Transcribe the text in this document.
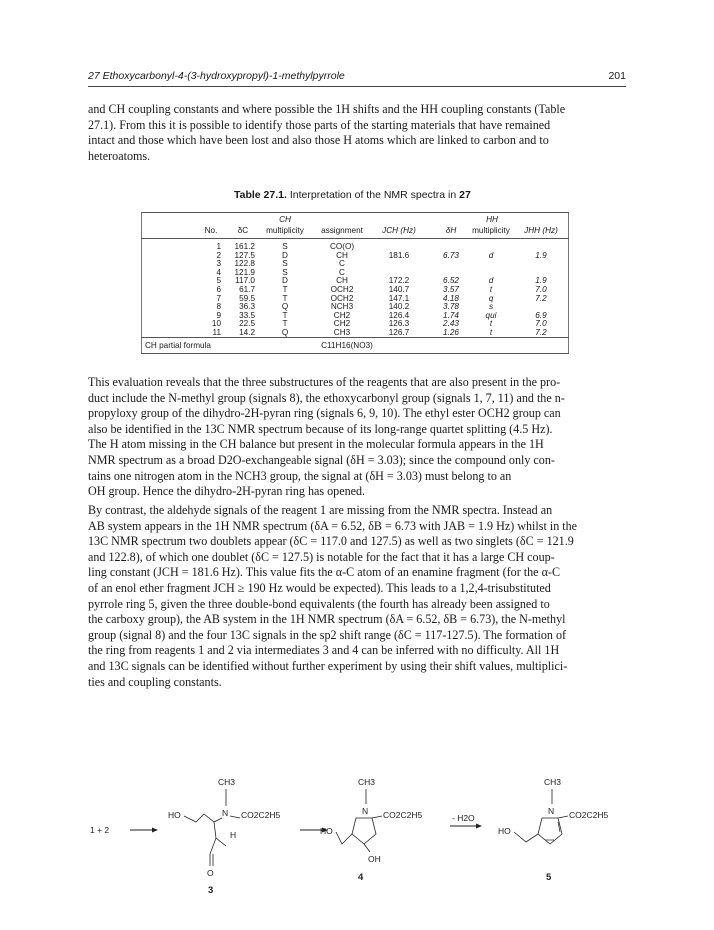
27 Ethoxycarbonyl-4-(3-hydroxypropyl)-1-methylpyrrole	201

and CH coupling constants and where possible the 1H shifts and the HH coupling constants (Table
27.1). From this it is possible to identify those parts of the starting materials that have remained
intact and those which have been lost and also those H atoms which are linked to carbon and to
heteroatoms.

Table 27.1. Interpretation of the NMR spectra in 27
CH	HH
No.	δC	multiplicity	assignment	JCH (Hz)	δH	multiplicity	JHH (Hz)
1	161.2	S	CO(O)
2	127.5	D	CH	181.6	6.73	d	1.9
3	122.8	S	C
4	121.9	S	C
5	117.0	D	CH	172.2	6.52	d	1.9
6	61.7	T	OCH2	140.7	3.57	t	7.0
7	59.5	T	OCH2	147.1	4.18	q	7.2
8	36.3	Q	NCH3	140.2	3.78	s
9	33.5	T	CH2	126.4	1.74	qui	6.9
10	22.5	T	CH2	126.3	2.43	t	7.0
11	14.2	Q	CH3	126.7	1.26	t	7.2
CH partial formula	C11H16(NO3)

This evaluation reveals that the three substructures of the reagents that are also present in the pro-
duct include the N-methyl group (signals 8), the ethoxycarbonyl group (signals 1, 7, 11) and the n-
propyloxy group of the dihydro-2H-pyran ring (signals 6, 9, 10). The ethyl ester OCH2 group can
also be identified in the 13C NMR spectrum because of its long-range quartet splitting (4.5 Hz).
The H atom missing in the CH balance but present in the molecular formula appears in the 1H
NMR spectrum as a broad D2O-exchangeable signal (δH = 3.03); since the compound only con-
tains one nitrogen atom in the NCH3 group, the signal at (δH = 3.03) must belong to an
OH group. Hence the dihydro-2H-pyran ring has opened.

By contrast, the aldehyde signals of the reagent 1 are missing from the NMR spectra. Instead an
AB system appears in the 1H NMR spectrum (δA = 6.52, δB = 6.73 with JAB = 1.9 Hz) whilst in the
13C NMR spectrum two doublets appear (δC = 117.0 and 127.5) as well as two singlets (δC = 121.9
and 122.8), of which one doublet (δC = 127.5) is notable for the fact that it has a large CH coup-
ling constant (JCH = 181.6 Hz). This value fits the α-C atom of an enamine fragment (for the α-C
of an enol ether fragment JCH ≥ 190 Hz would be expected). This leads to a 1,2,4-trisubstituted
pyrrole ring 5, given the three double-bond equivalents (the fourth has already been assigned to
the carboxy group), the AB system in the 1H NMR spectrum (δA = 6.52, δB = 6.73), the N-methyl
group (signal 8) and the four 13C signals in the sp2 shift range (δC = 117-127.5). The formation of
the ring from reagents 1 and 2 via intermediates 3 and 4 can be inferred with no difficulty. All 1H
and 13C signals can be identified without further experiment by using their shift values, multiplici-
ties and coupling constants.

1 + 2
CH3
N CO2C2H5
HO
H
O
3
CH3
N CO2C2H5
HO
OH
4
- H2O
CH3
N CO2C2H5
HO
5
